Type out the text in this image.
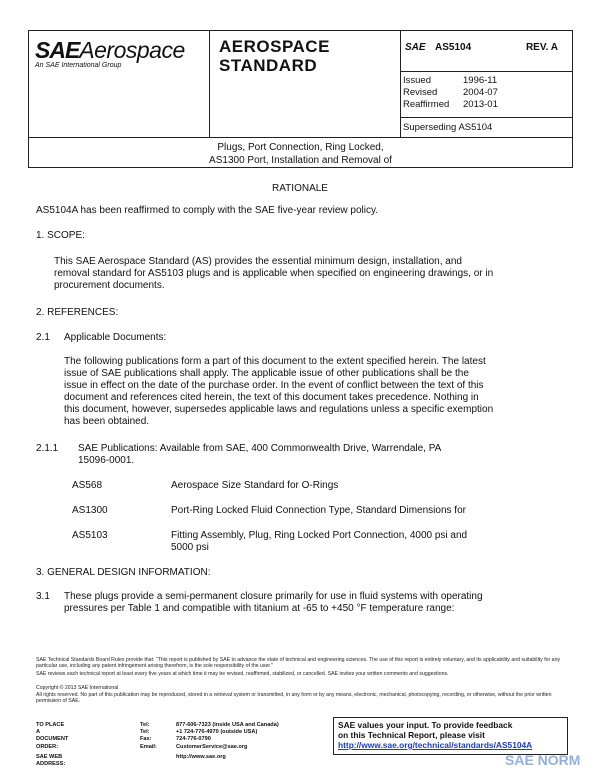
SAEAerospace
An SAE International Group
AEROSPACE
STANDARD
SAE AS5104	REV. A
Issued	1996-11
Revised	2004-07
Reaffirmed	2013-01
Superseding AS5104
Plugs, Port Connection, Ring Locked,
AS1300 Port, Installation and Removal of
RATIONALE
AS5104A has been reaffirmed to comply with the SAE five-year review policy.
1. SCOPE:
This SAE Aerospace Standard (AS) provides the essential minimum design, installation, and removal standard for AS5103 plugs and is applicable when specified on engineering drawings, or in procurement documents.
2. REFERENCES:
2.1 Applicable Documents:
The following publications form a part of this document to the extent specified herein. The latest issue of SAE publications shall apply. The applicable issue of other publications shall be the issue in effect on the date of the purchase order. In the event of conflict between the text of this document and references cited herein, the text of this document takes precedence. Nothing in this document, however, supersedes applicable laws and regulations unless a specific exemption has been obtained.
2.1.1 SAE Publications: Available from SAE, 400 Commonwealth Drive, Warrendale, PA
15096-0001.
AS568	Aerospace Size Standard for O-Rings
AS1300	Port-Ring Locked Fluid Connection Type, Standard Dimensions for
AS5103	Fitting Assembly, Plug, Ring Locked Port Connection, 4000 psi and
5000 psi
3. GENERAL DESIGN INFORMATION:
3.1 These plugs provide a semi-permanent closure primarily for use in fluid systems with operating pressures per Table 1 and compatible with titanium at -65 to +450 °F temperature range:
SAE Technical Standards Board Rules provide that: "This report is published by SAE to advance the state of technical and engineering sciences. The use of this report is entirely voluntary, and its applicability and suitability for any particular use, including any patent infringement arising therefrom, is the sole responsibility of the user."
SAE reviews each technical report at least every five years at which time it may be revised, reaffirmed, stabilized, or cancelled. SAE invites your written comments and suggestions.
Copyright © 2013 SAE International
All rights reserved. No part of this publication may be reproduced, stored in a retrieval system or transmitted, in any form or by any means, electronic, mechanical, photocopying, recording, or otherwise, without the prior written permission of SAE.
TO PLACE A DOCUMENT ORDER:
Tel:	877-606-7323 (inside USA and Canada)
Tel:	+1 724-776-4970 (outside USA)
Fax:	724-776-0790
Email:	CustomerService@sae.org
SAE WEB ADDRESS:
http://www.sae.org
SAE values your input. To provide feedback
on this Technical Report, please visit
http://www.sae.org/technical/standards/AS5104A
SAE NORM
